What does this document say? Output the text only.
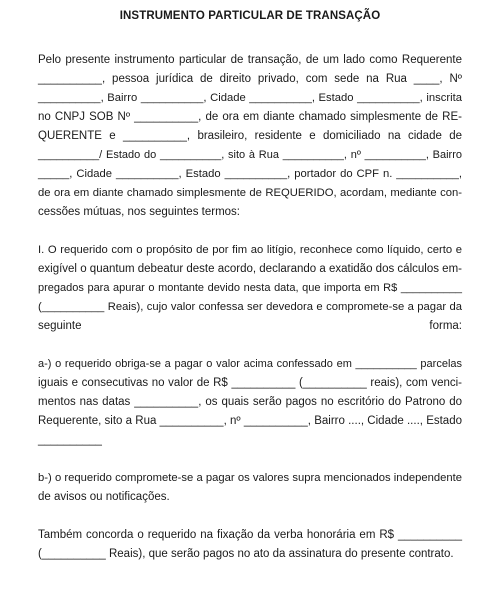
INSTRUMENTO PARTICULAR DE TRANSAÇÃO

Pelo presente instrumento particular de transação, de um lado como Requerente

__________, pessoa jurídica de direito privado, com sede na Rua ____, Nº

__________, Bairro __________, Cidade __________, Estado __________, inscrita

no CNPJ SOB Nº __________, de ora em diante chamado simplesmente de RE-

QUERENTE e __________, brasileiro, residente e domiciliado na cidade de

__________/ Estado do __________, sito à Rua __________, nº __________, Bairro

_____, Cidade __________, Estado __________, portador do CPF n. __________,

de ora em diante chamado simplesmente de REQUERIDO, acordam, mediante con-

cessões mútuas, nos seguintes termos:

I. O requerido com o propósito de por fim ao litígio, reconhece como líquido, certo e

exigível o quantum debeatur deste acordo, declarando a exatidão dos cálculos em-

pregados para apurar o montante devido nesta data, que importa em R$ __________

(__________ Reais), cujo valor confessa ser devedora e compromete-se a pagar da

seguinte forma:

a-) o requerido obriga-se a pagar o valor acima confessado em __________ parcelas

iguais e consecutivas no valor de R$ __________ (__________ reais), com venci-

mentos nas datas __________, os quais serão pagos no escritório do Patrono do

Requerente, sito a Rua __________, nº __________, Bairro ...., Cidade ...., Estado

__________

b-) o requerido compromete-se a pagar os valores supra mencionados independente

de avisos ou notificações.

Também concorda o requerido na fixação da verba honorária em R$ __________

(__________ Reais), que serão pagos no ato da assinatura do presente contrato.
